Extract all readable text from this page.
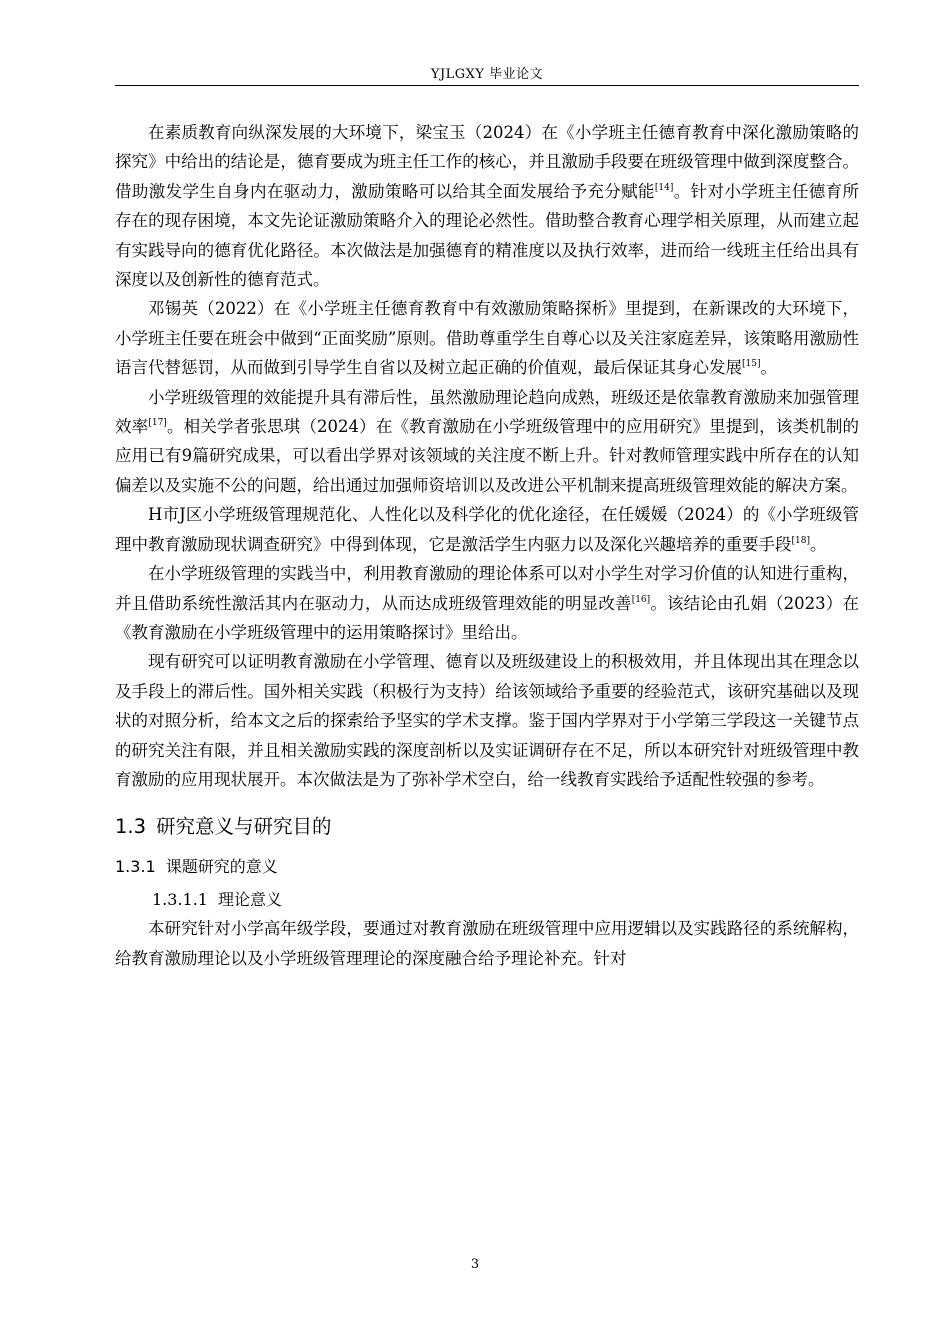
YJLGXY 毕业论文

在素质教育向纵深发展的大环境下，梁宝玉（2024）在《小学班主任德育教育中深化激励策略的探究》中给出的结论是，德育要成为班主任工作的核心，并且激励手段要在班级管理中做到深度整合。借助激发学生自身内在驱动力，激励策略可以给其全面发展给予充分赋能[14]。针对小学班主任德育所存在的现存困境，本文先论证激励策略介入的理论必然性。借助整合教育心理学相关原理，从而建立起有实践导向的德育优化路径。本次做法是加强德育的精准度以及执行效率，进而给一线班主任给出具有深度以及创新性的德育范式。

邓锡英（2022）在《小学班主任德育教育中有效激励策略探析》里提到，在新课改的大环境下，小学班主任要在班会中做到“正面奖励”原则。借助尊重学生自尊心以及关注家庭差异，该策略用激励性语言代替惩罚，从而做到引导学生自省以及树立起正确的价值观，最后保证其身心发展[15]。

小学班级管理的效能提升具有滞后性，虽然激励理论趋向成熟，班级还是依靠教育激励来加强管理效率[17]。相关学者张思琪（2024）在《教育激励在小学班级管理中的应用研究》里提到，该类机制的应用已有9篇研究成果，可以看出学界对该领域的关注度不断上升。针对教师管理实践中所存在的认知偏差以及实施不公的问题，给出通过加强师资培训以及改进公平机制来提高班级管理效能的解决方案。

H市J区小学班级管理规范化、人性化以及科学化的优化途径，在任媛媛（2024）的《小学班级管理中教育激励现状调查研究》中得到体现，它是激活学生内驱力以及深化兴趣培养的重要手段[18]。

在小学班级管理的实践当中，利用教育激励的理论体系可以对小学生对学习价值的认知进行重构，并且借助系统性激活其内在驱动力，从而达成班级管理效能的明显改善[16]。该结论由孔娟（2023）在《教育激励在小学班级管理中的运用策略探讨》里给出。

现有研究可以证明教育激励在小学管理、德育以及班级建设上的积极效用，并且体现出其在理念以及手段上的滞后性。国外相关实践（积极行为支持）给该领域给予重要的经验范式，该研究基础以及现状的对照分析，给本文之后的探索给予坚实的学术支撑。鉴于国内学界对于小学第三学段这一关键节点的研究关注有限，并且相关激励实践的深度剖析以及实证调研存在不足，所以本研究针对班级管理中教育激励的应用现状展开。本次做法是为了弥补学术空白，给一线教育实践给予适配性较强的参考。

1.3 研究意义与研究目的
1.3.1 课题研究的意义
1.3.1.1 理论意义

本研究针对小学高年级学段，要通过对教育激励在班级管理中应用逻辑以及实践路径的系统解构，给教育激励理论以及小学班级管理理论的深度融合给予理论补充。针对

3
